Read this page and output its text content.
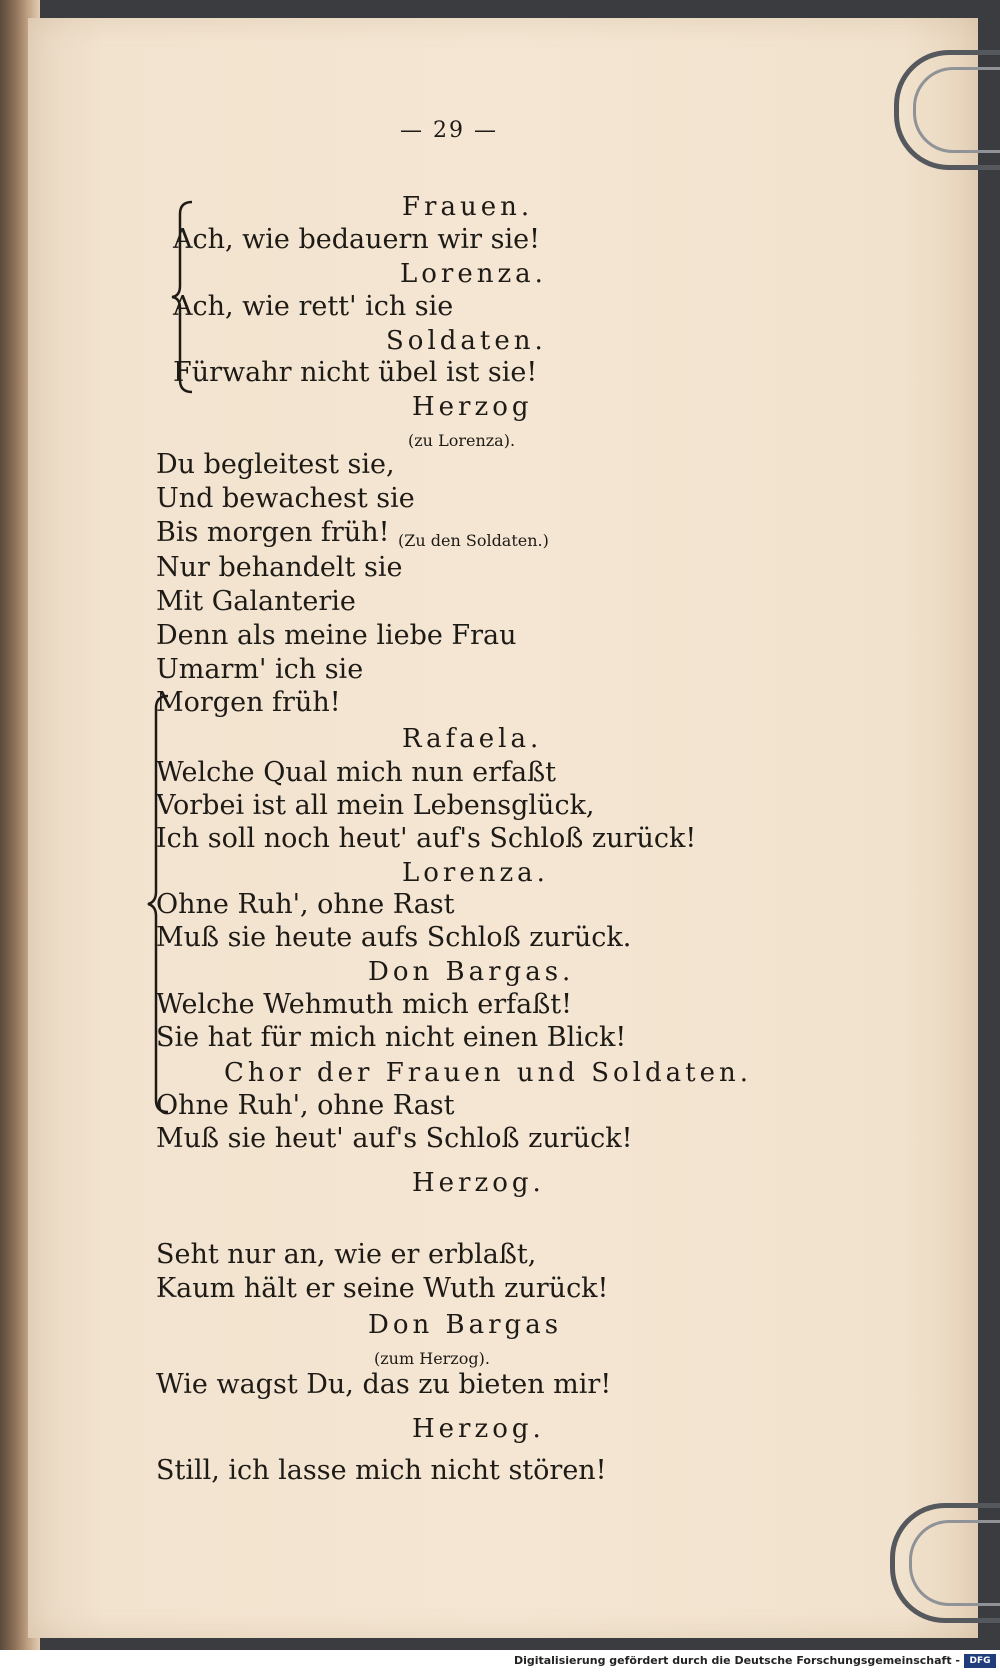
— 29 —
Frauen.
Ach, wie bedauern wir sie!
Lorenza.
Ach, wie rett' ich sie
Soldaten.
Fürwahr nicht übel ist sie!
Herzog
(zu Lorenza).
Du begleitest sie,
Und bewachest sie
Bis morgen früh! (Zu den Soldaten.)
Nur behandelt sie
Mit Galanterie
Denn als meine liebe Frau
Umarm' ich sie
Morgen früh!
Rafaela.
Welche Qual mich nun erfaßt
Vorbei ist all mein Lebensglück,
Ich soll noch heut' auf's Schloß zurück!
Lorenza.
Ohne Ruh', ohne Rast
Muß sie heute aufs Schloß zurück.
Don Bargas.
Welche Wehmuth mich erfaßt!
Sie hat für mich nicht einen Blick!
Chor der Frauen und Soldaten.
Ohne Ruh', ohne Rast
Muß sie heut' auf's Schloß zurück!
Herzog.
Seht nur an, wie er erblaßt,
Kaum hält er seine Wuth zurück!
Don Bargas
(zum Herzog).
Wie wagst Du, das zu bieten mir!
Herzog.
Still, ich lasse mich nicht stören!
Digitalisierung gefördert durch die Deutsche Forschungsgemeinschaft -	DFG
